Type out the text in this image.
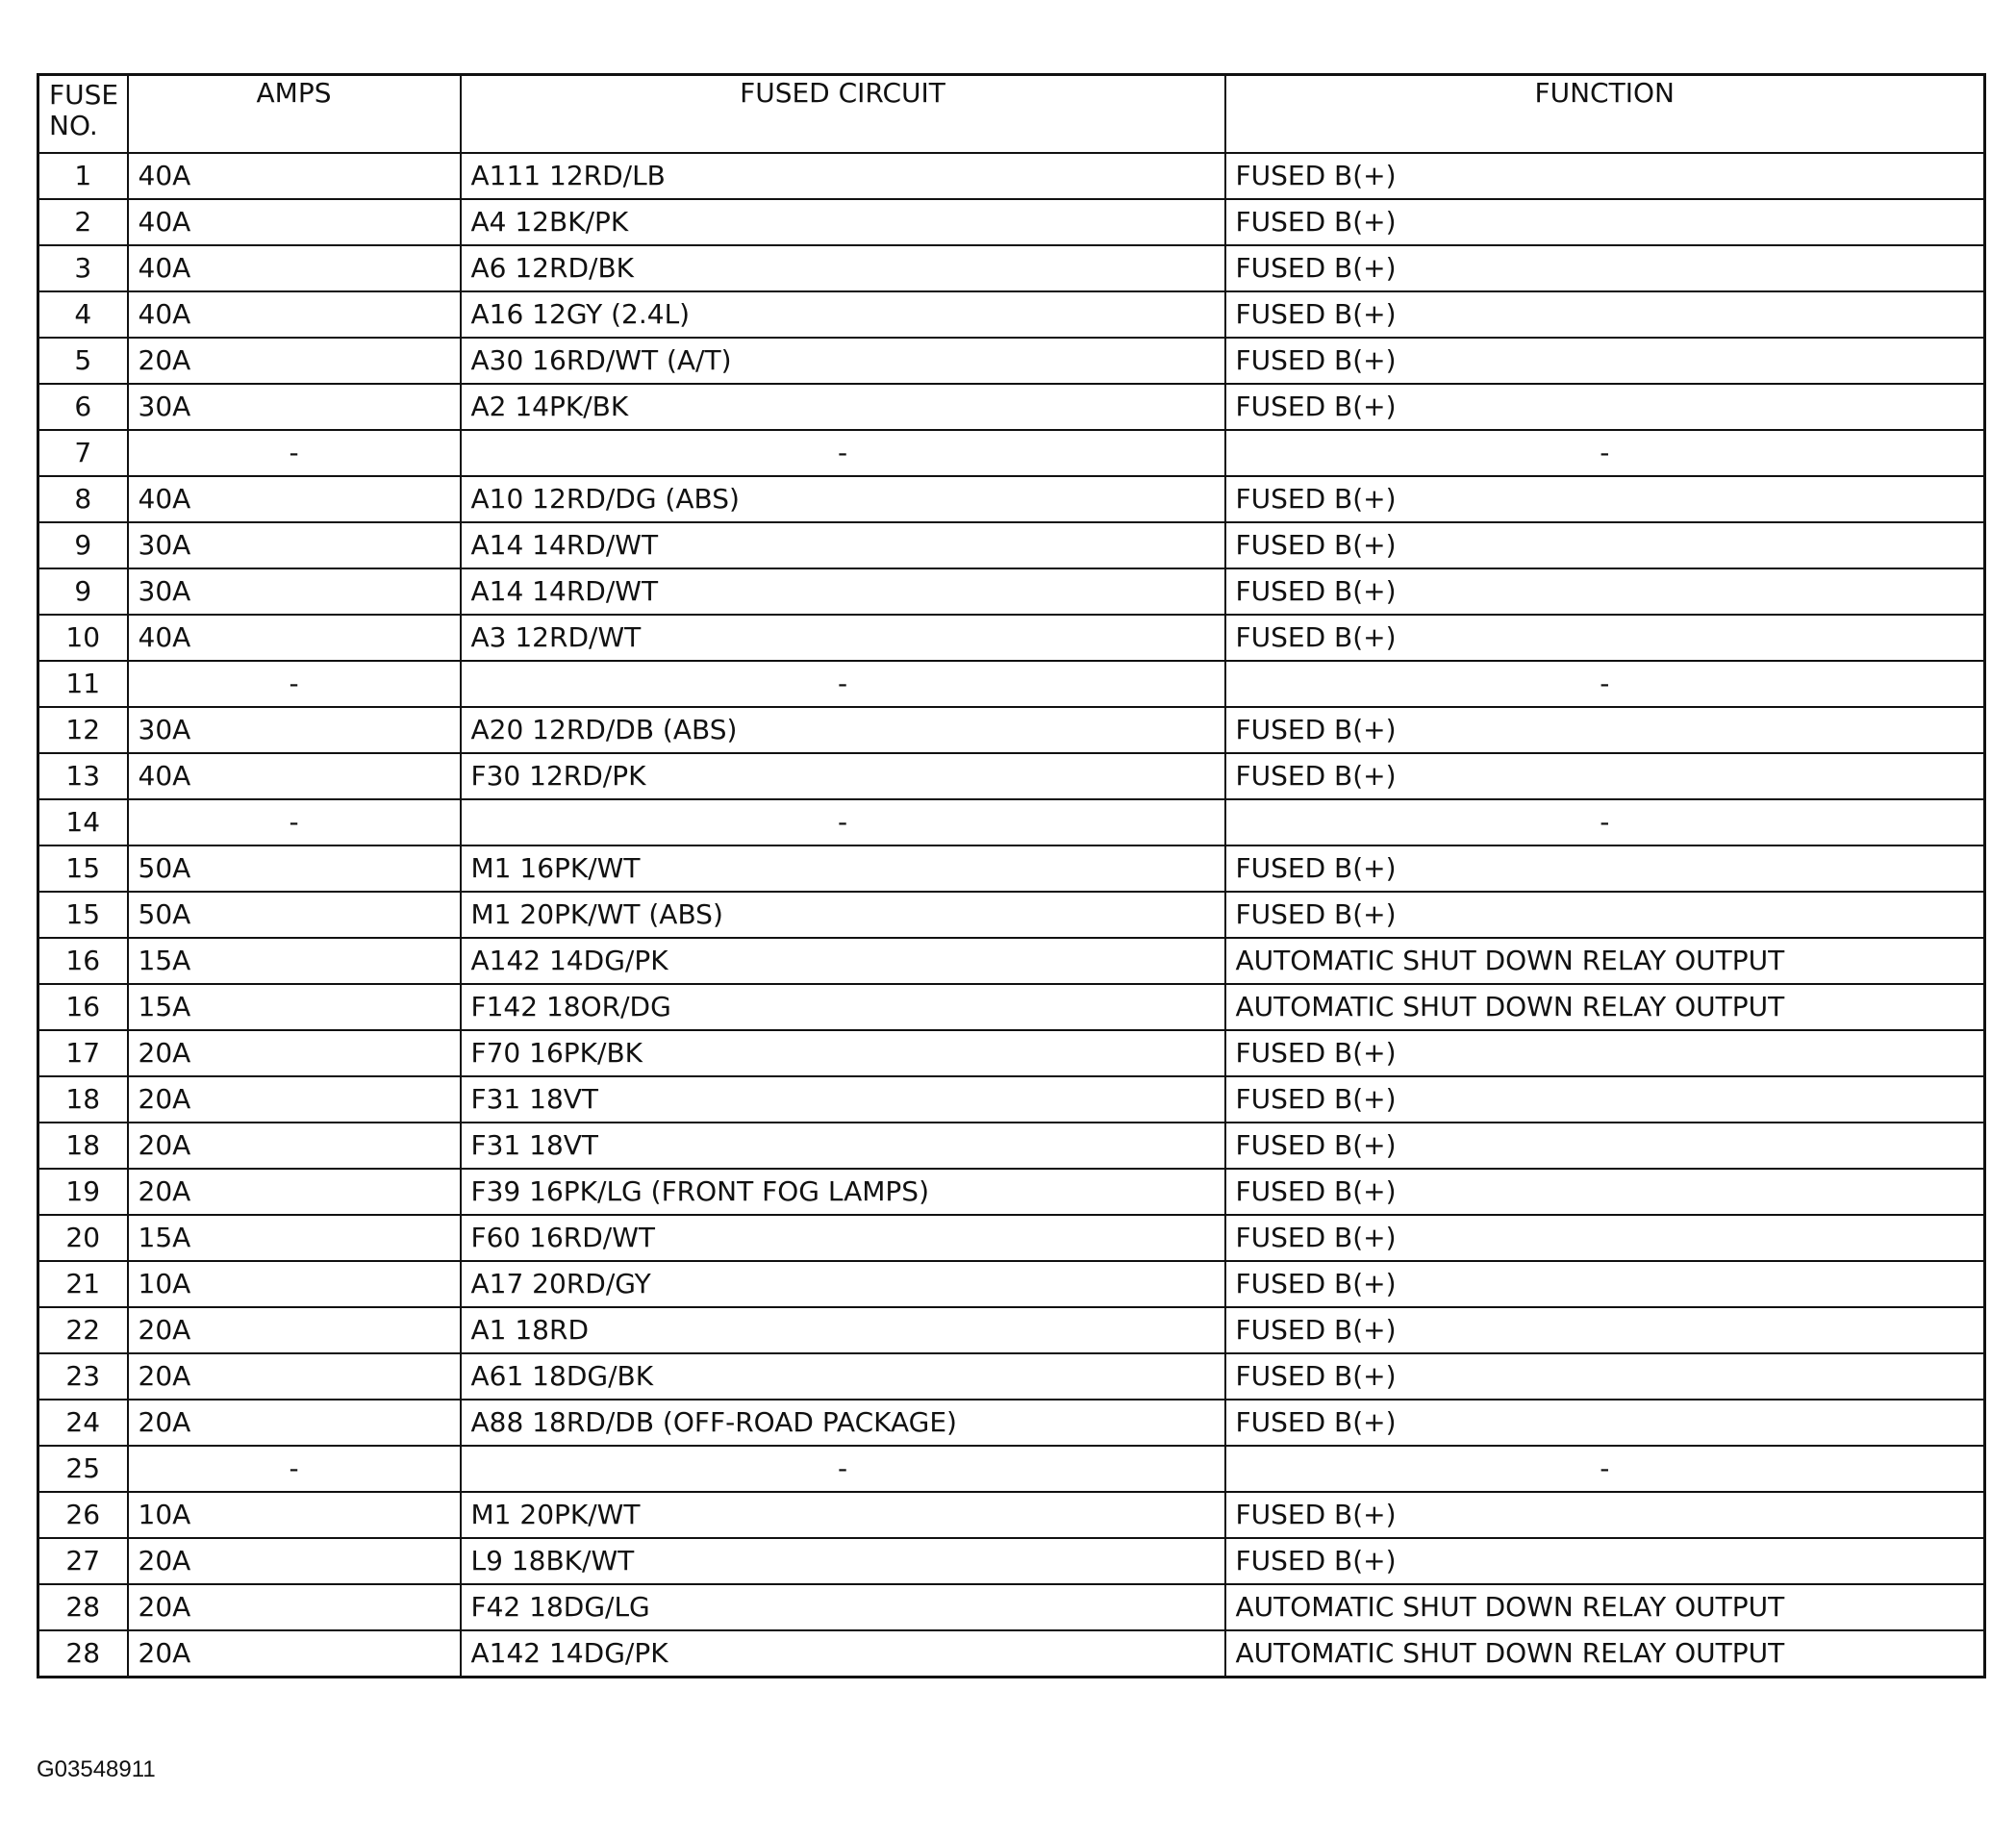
FUSE NO.	AMPS	FUSED CIRCUIT	FUNCTION
1	40A	A111 12RD/LB	FUSED B(+)
2	40A	A4 12BK/PK	FUSED B(+)
3	40A	A6 12RD/BK	FUSED B(+)
4	40A	A16 12GY (2.4L)	FUSED B(+)
5	20A	A30 16RD/WT (A/T)	FUSED B(+)
6	30A	A2 14PK/BK	FUSED B(+)
7	-	-	-
8	40A	A10 12RD/DG (ABS)	FUSED B(+)
9	30A	A14 14RD/WT	FUSED B(+)
9	30A	A14 14RD/WT	FUSED B(+)
10	40A	A3 12RD/WT	FUSED B(+)
11	-	-	-
12	30A	A20 12RD/DB (ABS)	FUSED B(+)
13	40A	F30 12RD/PK	FUSED B(+)
14	-	-	-
15	50A	M1 16PK/WT	FUSED B(+)
15	50A	M1 20PK/WT (ABS)	FUSED B(+)
16	15A	A142 14DG/PK	AUTOMATIC SHUT DOWN RELAY OUTPUT
16	15A	F142 18OR/DG	AUTOMATIC SHUT DOWN RELAY OUTPUT
17	20A	F70 16PK/BK	FUSED B(+)
18	20A	F31 18VT	FUSED B(+)
18	20A	F31 18VT	FUSED B(+)
19	20A	F39 16PK/LG (FRONT FOG LAMPS)	FUSED B(+)
20	15A	F60 16RD/WT	FUSED B(+)
21	10A	A17 20RD/GY	FUSED B(+)
22	20A	A1 18RD	FUSED B(+)
23	20A	A61 18DG/BK	FUSED B(+)
24	20A	A88 18RD/DB (OFF-ROAD PACKAGE)	FUSED B(+)
25	-	-	-
26	10A	M1 20PK/WT	FUSED B(+)
27	20A	L9 18BK/WT	FUSED B(+)
28	20A	F42 18DG/LG	AUTOMATIC SHUT DOWN RELAY OUTPUT
28	20A	A142 14DG/PK	AUTOMATIC SHUT DOWN RELAY OUTPUT
G03548911
